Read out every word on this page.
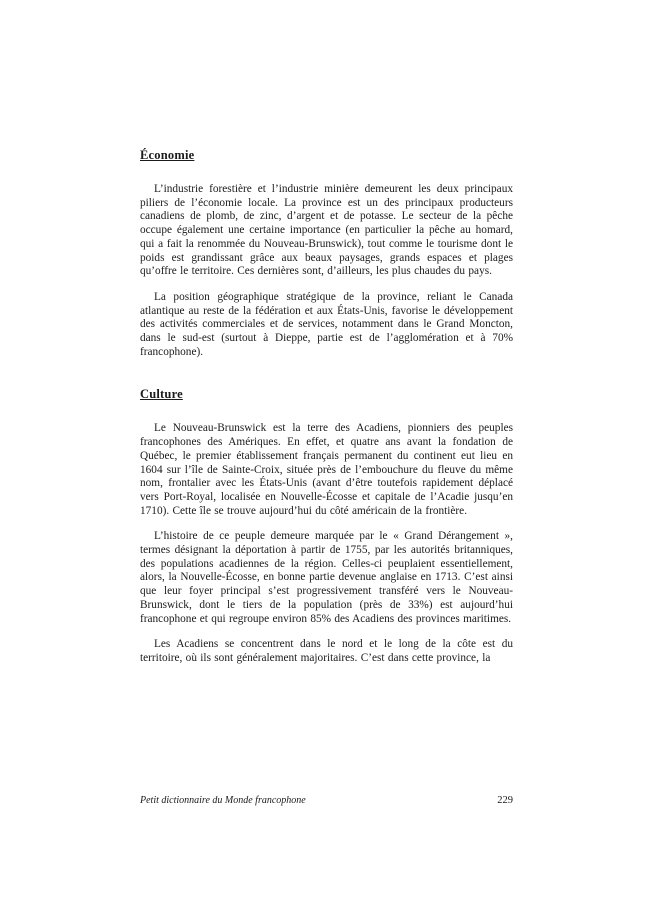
Économie

L’industrie forestière et l’industrie minière demeurent les deux principaux piliers de l’économie locale. La province est un des principaux producteurs canadiens de plomb, de zinc, d’argent et de potasse. Le secteur de la pêche occupe également une certaine importance (en particulier la pêche au homard, qui a fait la renommée du Nouveau-Brunswick), tout comme le tourisme dont le poids est grandissant grâce aux beaux paysages, grands espaces et plages qu’offre le territoire. Ces dernières sont, d’ailleurs, les plus chaudes du pays.

La position géographique stratégique de la province, reliant le Canada atlantique au reste de la fédération et aux États-Unis, favorise le développement des activités commerciales et de services, notamment dans le Grand Moncton, dans le sud-est (surtout à Dieppe, partie est de l’agglomération et à 70% francophone).

Culture

Le Nouveau-Brunswick est la terre des Acadiens, pionniers des peuples francophones des Amériques. En effet, et quatre ans avant la fondation de Québec, le premier établissement français permanent du continent eut lieu en 1604 sur l’île de Sainte-Croix, située près de l’embouchure du fleuve du même nom, frontalier avec les États-Unis (avant d’être toutefois rapidement déplacé vers Port-Royal, localisée en Nouvelle-Écosse et capitale de l’Acadie jusqu’en 1710). Cette île se trouve aujourd’hui du côté américain de la frontière.

L’histoire de ce peuple demeure marquée par le « Grand Dérangement », termes désignant la déportation à partir de 1755, par les autorités britanniques, des populations acadiennes de la région. Celles-ci peuplaient essentiellement, alors, la Nouvelle-Écosse, en bonne partie devenue anglaise en 1713. C’est ainsi que leur foyer principal s’est progressivement transféré vers le Nouveau-Brunswick, dont le tiers de la population (près de 33%) est aujourd’hui francophone et qui regroupe environ 85% des Acadiens des provinces maritimes.

Les Acadiens se concentrent dans le nord et le long de la côte est du territoire, où ils sont généralement majoritaires. C’est dans cette province, la

Petit dictionnaire du Monde francophone	229
